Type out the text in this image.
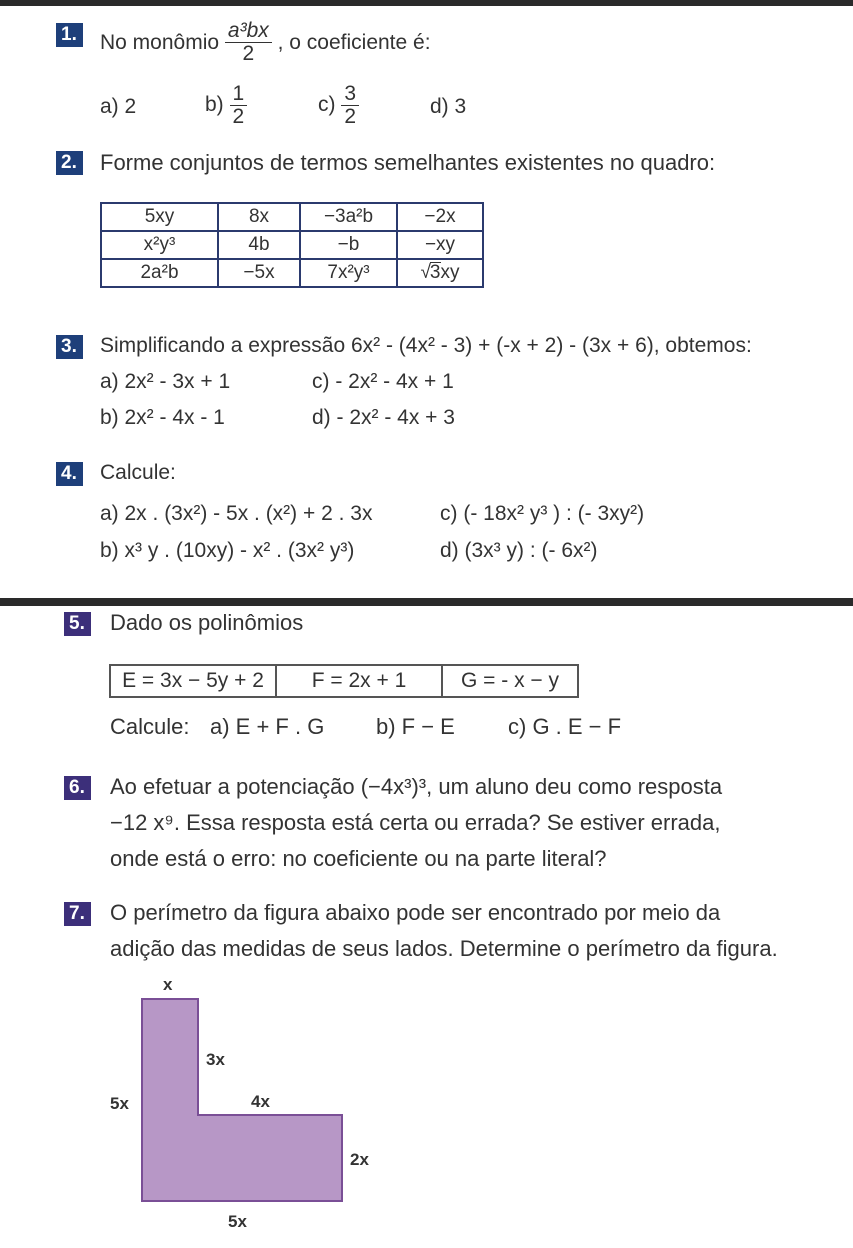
1. No monômio $\frac{\text{a³bx}}{2}$ , o coeficiente é:
a) 2	$b) \frac{1}{2}$	$c) \frac{3}{2}$	d) 3
2. Forme conjuntos de termos semelhantes existentes no quadro:
5xy	8x	−3a²b	−2x
x²y³	4b	−b	−xy
2a²b	−5x	7x²y³	√3xy
3. Simplificando a expressão 6x² - (4x² - 3) + (-x + 2) - (3x + 6), obtemos:
a) 2x² - 3x + 1	c) - 2x² - 4x + 1
b) 2x² - 4x - 1	d) - 2x² - 4x + 3
4. Calcule:
a) 2x . (3x²) - 5x . (x²) + 2 . 3x	c) (- 18x² y³ ) : (- 3xy²)
b) x³ y . (10xy) - x² . (3x² y³)	d) (3x³ y) : (- 6x²)
5. Dado os polinômios
E = 3x − 5y + 2	F = 2x + 1	G = - x − y
Calcule: a) E + F . G b) F − E c) G . E − F
6. Ao efetuar a potenciação (−4x³)³, um aluno deu como resposta
−12 x⁹. Essa resposta está certa ou errada? Se estiver errada,
onde está o erro: no coeficiente ou na parte literal?
7. O perímetro da figura abaixo pode ser encontrado por meio da
adição das medidas de seus lados. Determine o perímetro da figura.
x
5x
3x
4x
2x
5x
